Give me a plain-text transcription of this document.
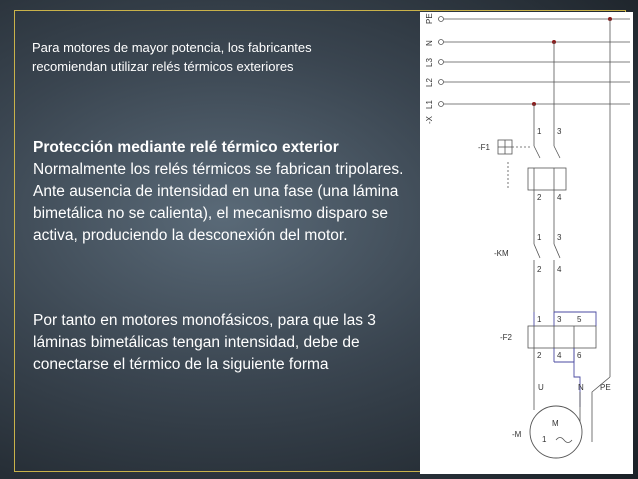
Para motores de mayor potencia, los fabricantes
recomiendan utilizar relés térmicos exteriores
Protección mediante relé térmico exterior
Normalmente los relés térmicos se fabrican tripolares. Ante ausencia de intensidad en una fase (una lámina bimetálica no se calienta), el mecanismo disparo se activa, produciendo la desconexión del motor.
Por tanto en motores monofásicos, para que las 3 láminas bimetálicas tengan intensidad, debe de conectarse el térmico de la siguiente forma
PE
N
L3
L2
L1
-X
-F1
1 3
2 4
-KM
1 3
2 4
-F2
1 3 5
2 4 6
U	N PE
M
1
-M
